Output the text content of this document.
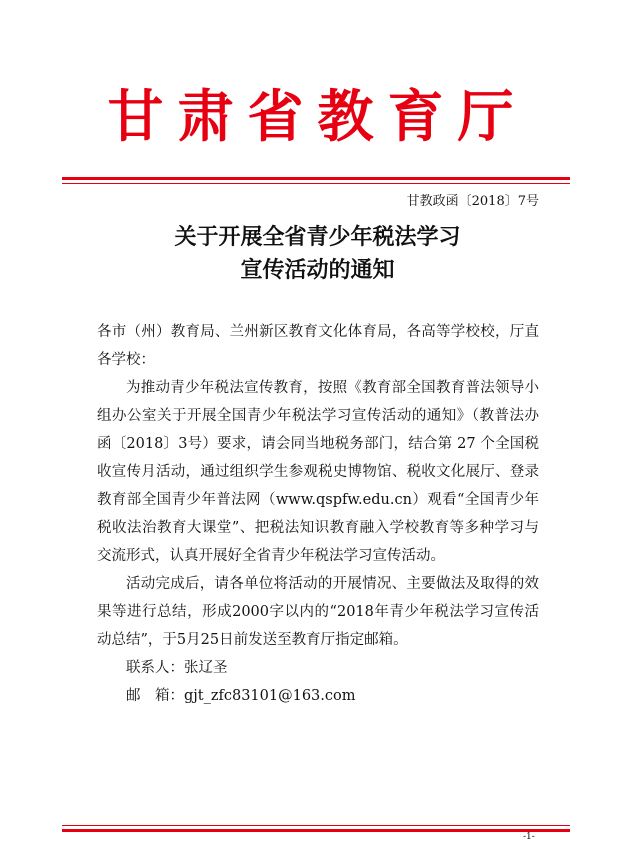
甘肃省教育厅
甘教政函〔2018〕7号
关于开展全省青少年税法学习
宣传活动的通知

各市（州）教育局、兰州新区教育文化体育局，各高等学校校，厅直各学校：

为推动青少年税法宣传教育，按照《教育部全国教育普法领导小组办公室关于开展全国青少年税法学习宣传活动的通知》（教普法办函〔2018〕3号）要求，请会同当地税务部门，结合第 27 个全国税收宣传月活动，通过组织学生参观税史博物馆、税收文化展厅、登录教育部全国青少年普法网（www.qspfw.edu.cn）观看“全国青少年税收法治教育大课堂”、把税法知识教育融入学校教育等多种学习与交流形式，认真开展好全省青少年税法学习宣传活动。

活动完成后，请各单位将活动的开展情况、主要做法及取得的效果等进行总结，形成2000字以内的“2018年青少年税法学习宣传活动总结”，于5月25日前发送至教育厅指定邮箱。

联系人：张辽圣

邮　箱：gjt_zfc83101@163.com

-1-
